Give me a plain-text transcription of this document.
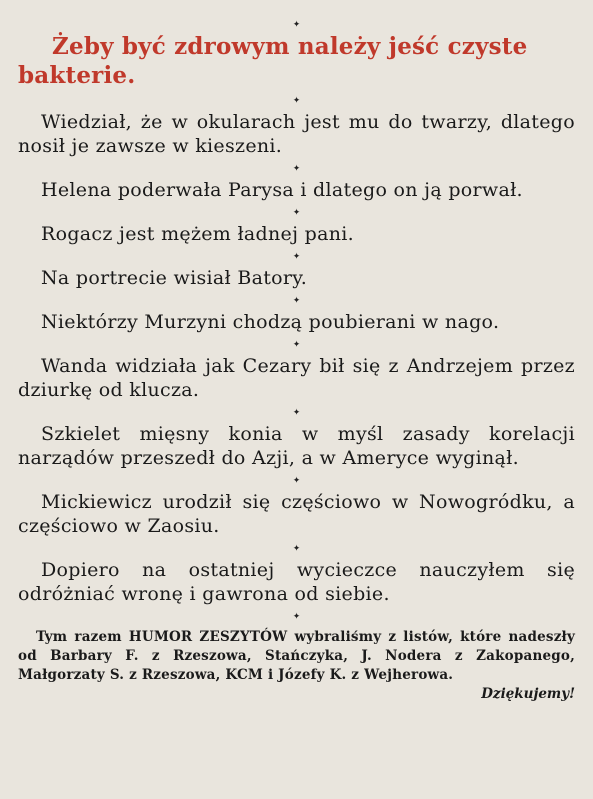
✦
Żeby być zdrowym należy jeść czyste bakterie.
✦

Wiedział, że w okularach jest mu do twarzy, dlatego nosił je zawsze w kieszeni.

✦

Helena poderwała Parysa i dlatego on ją porwał.

✦

Rogacz jest mężem ładnej pani.

✦

Na portrecie wisiał Batory.

✦

Niektórzy Murzyni chodzą poubierani w nago.

✦

Wanda widziała jak Cezary bił się z Andrzejem przez dziurkę od klucza.

✦

Szkielet mięsny konia w myśl zasady korelacji narządów przeszedł do Azji, a w Ameryce wyginął.

✦

Mickiewicz urodził się częściowo w Nowogródku, a częściowo w Zaosiu.

✦

Dopiero na ostatniej wycieczce nauczyłem się odróżniać wronę i gawrona od siebie.

✦

Tym razem HUMOR ZESZYTÓW wybraliśmy z listów, które nadeszły od Barbary F. z Rzeszowa, Stańczyka, J. Nodera z Zakopanego, Małgorzaty S. z Rzeszowa, KCM i Józefy K. z Wejherowa.

Dziękujemy!
